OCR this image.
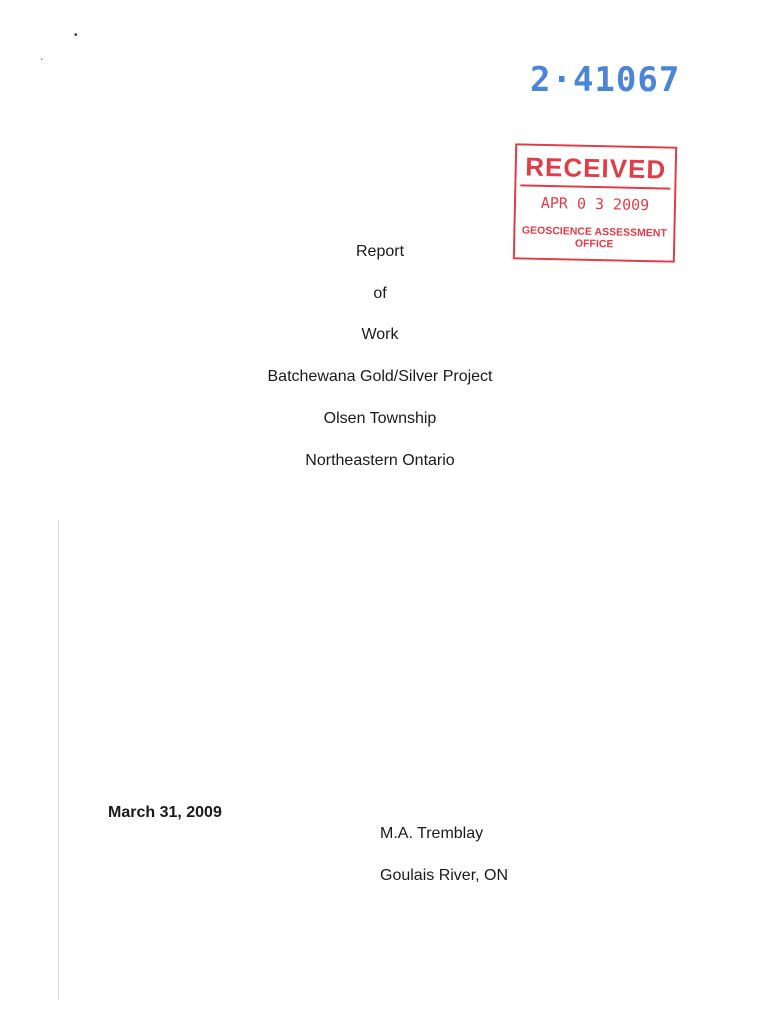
•
`	2·41067
RECEIVED
APR 0 3 2009
GEOSCIENCE ASSESSMENT
OFFICE
Report
of
Work
Batchewana Gold/Silver Project
Olsen Township
Northeastern Ontario
March 31, 2009
M.A. Tremblay
Goulais River, ON
